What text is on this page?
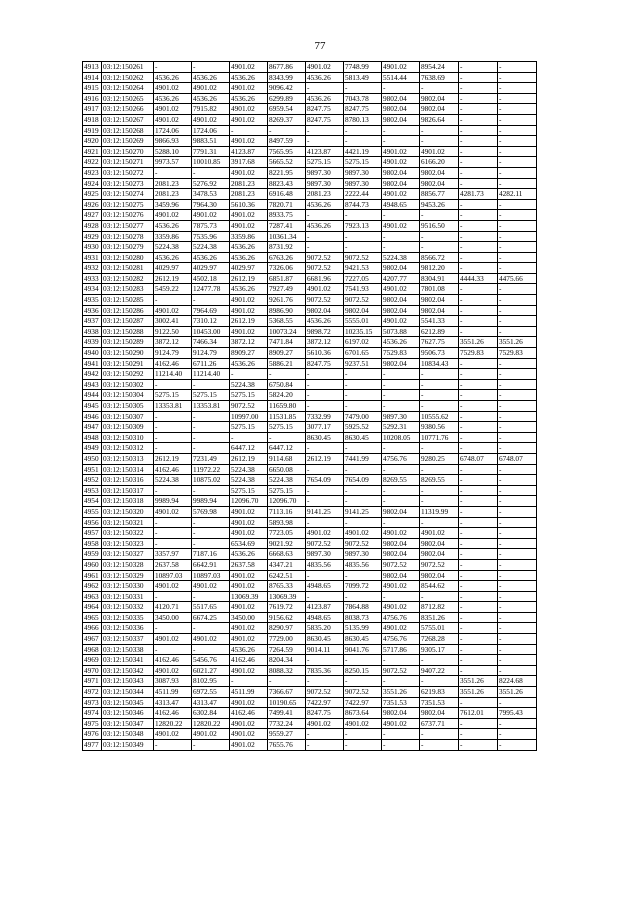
77
4913	03:12:150261	-	-	4901.02	8677.86	4901.02	7748.99	4901.02	8954.24	-	-
4914	03:12:150262	4536.26	4536.26	4536.26	8343.99	4536.26	5813.49	5514.44	7638.69	-	-
4915	03:12:150264	4901.02	4901.02	4901.02	9096.42	-	-	-	-	-	-
4916	03:12:150265	4536.26	4536.26	4536.26	6299.89	4536.26	7043.78	9802.04	9802.04	-	-
4917	03:12:150266	4901.02	7915.82	4901.02	6959.54	8247.75	8247.75	9802.04	9802.04	-	-
4918	03:12:150267	4901.02	4901.02	4901.02	8269.37	8247.75	8780.13	9802.04	9826.64	-	-
4919	03:12:150268	1724.06	1724.06	-	-	-	-	-	-	-	-
4920	03:12:150269	9866.93	9883.51	4901.02	8497.59	-	-	-	-	-	-
4921	03:12:150270	5288.10	7791.31	4123.87	7565.95	4123.87	4421.19	4901.02	4901.02	-	-
4922	03:12:150271	9973.57	10010.85	3917.68	5665.52	5275.15	5275.15	4901.02	6166.20	-	-
4923	03:12:150272	-	-	4901.02	8221.95	9897.30	9897.30	9802.04	9802.04	-	-
4924	03:12:150273	2081.23	5276.92	2081.23	8823.43	9897.30	9897.30	9802.04	9802.04	-	-
4925	03:12:150274	2081.23	3478.53	2081.23	6916.48	2081.23	2222.44	4901.02	8856.77	4281.73	4282.11
4926	03:12:150275	3459.96	7964.30	5610.36	7820.71	4536.26	8744.73	4948.65	9453.26	-	-
4927	03:12:150276	4901.02	4901.02	4901.02	8933.75	-	-	-	-	-	-
4928	03:12:150277	4536.26	7875.73	4901.02	7287.41	4536.26	7923.13	4901.02	9516.50	-	-
4929	03:12:150278	3359.86	7535.96	3359.86	10361.34	-	-	-	-	-	-
4930	03:12:150279	5224.38	5224.38	4536.26	8731.92	-	-	-	-	-	-
4931	03:12:150280	4536.26	4536.26	4536.26	6763.26	9072.52	9072.52	5224.38	8566.72	-	-
4932	03:12:150281	4029.97	4029.97	4029.97	7326.06	9072.52	9421.53	9802.04	9812.20	-	-
4933	03:12:150282	2612.19	4502.18	2612.19	6851.87	6681.96	7227.05	4207.77	8304.91	4444.33	4475.66
4934	03:12:150283	5459.22	12477.78	4536.26	7927.49	4901.02	7541.93	4901.02	7801.08	-	-
4935	03:12:150285	-	-	4901.02	9261.76	9072.52	9072.52	9802.04	9802.04	-	-
4936	03:12:150286	4901.02	7964.69	4901.02	8986.90	9802.04	9802.04	9802.04	9802.04	-	-
4937	03:12:150287	3002.41	7310.12	2612.19	5368.55	4536.26	5555.01	4901.02	5541.33	-	-
4938	03:12:150288	9122.50	10453.00	4901.02	10073.24	9898.72	10235.15	5073.88	6212.89	-	-
4939	03:12:150289	3872.12	7466.34	3872.12	7471.84	3872.12	6197.02	4536.26	7627.75	3551.26	3551.26
4940	03:12:150290	9124.79	9124.79	8909.27	8909.27	5610.36	6701.65	7529.83	9506.73	7529.83	7529.83
4941	03:12:150291	4162.46	6711.26	4536.26	5886.21	8247.75	9237.51	9802.04	10834.43	-	-
4942	03:12:150292	11214.40	11214.40	-	-	-	-	-	-	-	-
4943	03:12:150302	-	-	5224.38	6750.84	-	-	-	-	-	-
4944	03:12:150304	5275.15	5275.15	5275.15	5824.20	-	-	-	-	-	-
4945	03:12:150305	13353.81	13353.81	9072.52	11659.80	-	-	-	-	-	-
4946	03:12:150307	-	-	10997.00	11531.85	7332.99	7479.00	9897.30	10555.62	-	-
4947	03:12:150309	-	-	5275.15	5275.15	3077.17	5925.52	5292.31	9380.56	-	-
4948	03:12:150310	-	-	-	-	8630.45	8630.45	10208.05	10771.76	-	-
4949	03:12:150312	-	-	6447.12	6447.12	-	-	-	-	-	-
4950	03:12:150313	2612.19	7231.49	2612.19	9114.68	2612.19	7441.99	4756.76	9280.25	6748.07	6748.07
4951	03:12:150314	4162.46	11972.22	5224.38	6650.08	-	-	-	-	-	-
4952	03:12:150316	5224.38	10875.02	5224.38	5224.38	7654.09	7654.09	8269.55	8269.55	-	-
4953	03:12:150317	-	-	5275.15	5275.15	-	-	-	-	-	-
4954	03:12:150318	9989.94	9989.94	12096.70	12096.70	-	-	-	-	-	-
4955	03:12:150320	4901.02	5769.98	4901.02	7113.16	9141.25	9141.25	9802.04	11319.99	-	-
4956	03:12:150321	-	-	4901.02	5893.98	-	-	-	-	-	-
4957	03:12:150322	-	-	4901.02	7723.05	4901.02	4901.02	4901.02	4901.02	-	-
4958	03:12:150323	-	-	6534.69	9021.92	9072.52	9072.52	9802.04	9802.04	-	-
4959	03:12:150327	3357.97	7187.16	4536.26	6668.63	9897.30	9897.30	9802.04	9802.04	-	-
4960	03:12:150328	2637.58	6642.91	2637.58	4347.21	4835.56	4835.56	9072.52	9072.52	-	-
4961	03:12:150329	10897.03	10897.03	4901.02	6242.51	-	-	9802.04	9802.04	-	-
4962	03:12:150330	4901.02	4901.02	4901.02	8765.33	4948.65	7099.72	4901.02	8544.62	-	-
4963	03:12:150331	-	-	13069.39	13069.39	-	-	-	-	-	-
4964	03:12:150332	4120.71	5517.65	4901.02	7619.72	4123.87	7864.88	4901.02	8712.82	-	-
4965	03:12:150335	3450.00	6674.25	3450.00	9156.62	4948.65	8038.73	4756.76	8351.26	-	-
4966	03:12:150336	-	-	4901.02	8290.97	5835.20	5135.99	4901.02	5755.01	-	-
4967	03:12:150337	4901.02	4901.02	4901.02	7729.00	8630.45	8630.45	4756.76	7268.28	-	-
4968	03:12:150338	-	-	4536.26	7264.59	9014.11	9041.76	5717.86	9305.17	-	-
4969	03:12:150341	4162.46	5456.76	4162.46	8204.34	-	-	-	-	-	-
4970	03:12:150342	4901.02	6021.27	4901.02	8088.32	7835.36	8250.15	9072.52	9407.22	-	-
4971	03:12:150343	3087.93	8102.95	-	-	-	-	-	-	3551.26	8224.68
4972	03:12:150344	4511.99	6972.55	4511.99	7366.67	9072.52	9072.52	3551.26	6219.83	3551.26	3551.26
4973	03:12:150345	4313.47	4313.47	4901.02	10190.65	7422.97	7422.97	7351.53	7351.53	-	-
4974	03:12:150346	4162.46	6302.84	4162.46	7499.41	8247.75	8673.64	9802.04	9802.04	7612.01	7995.43
4975	03:12:150347	12820.22	12820.22	4901.02	7732.24	4901.02	4901.02	4901.02	6737.71	-	-
4976	03:12:150348	4901.02	4901.02	4901.02	9559.27	-	-	-	-	-	-
4977	03:12:150349	-	-	4901.02	7655.76	-	-	-	-	-	-
